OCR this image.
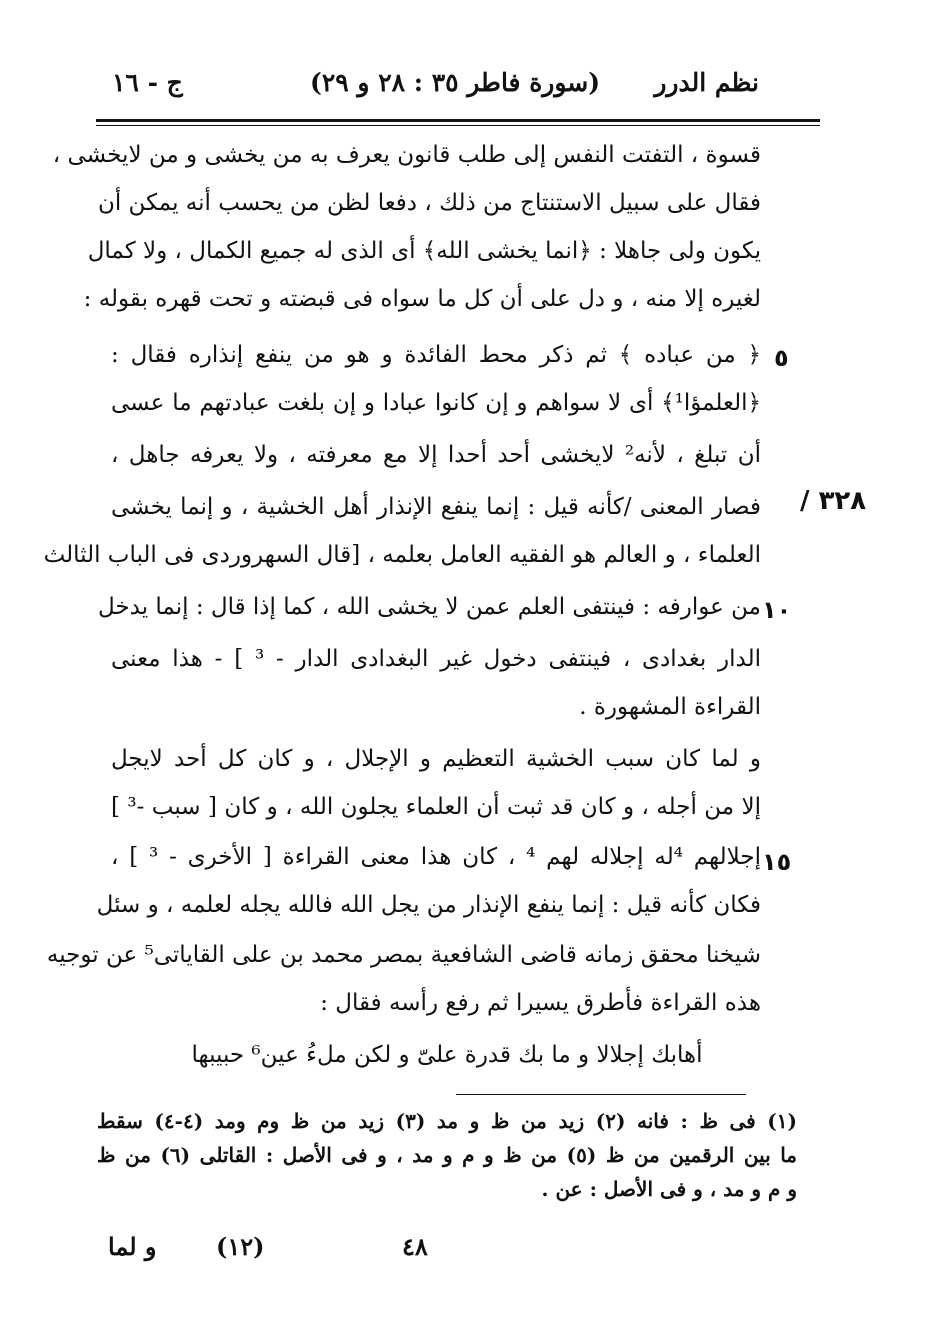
نظم الدرر
(سورة فاطر ٣٥ : ٢٨ و ٢٩)
ج - ١٦
قسوة ، التفتت النفس إلى طلب قانون يعرف به من يخشى و من لايخشى ،
فقال على سبيل الاستنتاج من ذلك ، دفعا لظن من يحسب أنه يمكن أن
يكون ولى جاهلا : ﴿انما يخشى الله﴾ أى الذى له جميع الكمال ، ولا كمال
لغيره إلا منه ، و دل على أن كل ما سواه فى قبضته و تحت قهره بقوله :
﴿ من عباده ﴾ ثم ذكر محط الفائدة و هو من ينفع إنذاره فقال :
﴿العلمؤا¹﴾ أى لا سواهم و إن كانوا عبادا و إن بلغت عبادتهم ما عسى
أن تبلغ ، لأنه² لايخشى أحد أحدا إلا مع معرفته ، ولا يعرفه جاهل ،
فصار المعنى /كأنه قيل : إنما ينفع الإنذار أهل الخشية ، و إنما يخشى
العلماء ، و العالم هو الفقيه العامل بعلمه ، [قال السهروردى فى الباب الثالث
من عوارفه : فينتفى العلم عمن لا يخشى الله ، كما إذا قال : إنما يدخل
الدار بغدادى ، فينتفى دخول غير البغدادى الدار - ³ ] - هذا معنى
القراءة المشهورة .
و لما كان سبب الخشية التعظيم و الإجلال ، و كان كل أحد لايجل
إلا من أجله ، و كان قد ثبت أن العلماء يجلون الله ، و كان [ سبب -³ ]
إجلالهم ⁴له إجلاله لهم ⁴ ، كان هذا معنى القراءة [ الأخرى - ³ ] ،
فكان كأنه قيل : إنما ينفع الإنذار من يجل الله فالله يجله لعلمه ، و سئل
شيخنا محقق زمانه قاضى الشافعية بمصر محمد بن على القاياتى⁵ عن توجيه
هذه القراءة فأطرق يسيرا ثم رفع رأسه فقال :
أهابك إجلالا و ما بك قدرة علىّ و لكن ملءُ عين⁶ حبيبها
٥
١٠
١٥
/ ٣٢٨
(١) فى ظ : فانه (٢) زيد من ظ و مد (٣) زيد من ظ وم ومد (٤-٤) سقط
ما بين الرقمين من ظ (٥) من ظ و م و مد ، و فى الأصل : القاتلى (٦) من ظ
و م و مد ، و فى الأصل : عن .
و لما (١٢)	٤٨
